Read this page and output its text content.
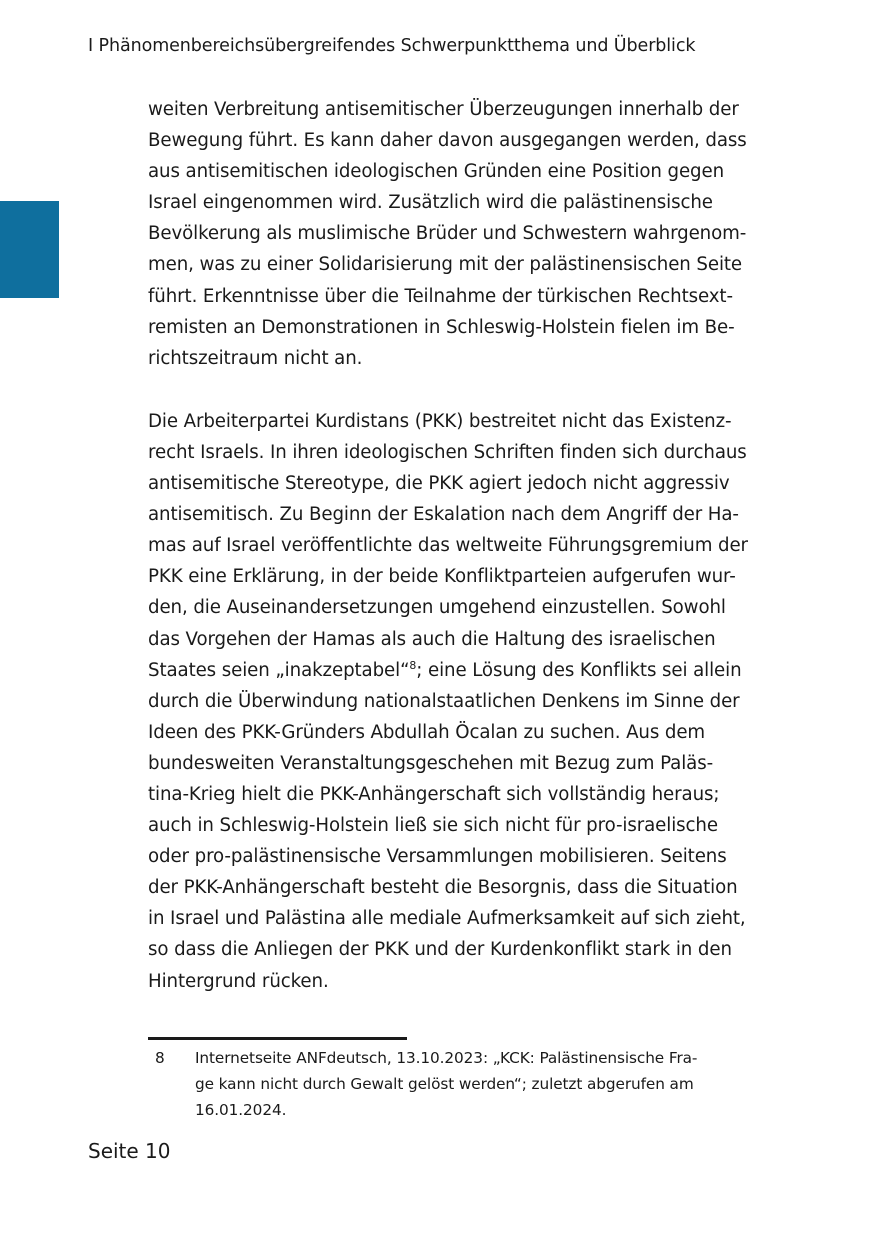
I Phänomenbereichsübergreifendes Schwerpunktthema und Überblick
weiten Verbreitung antisemitischer Überzeugungen innerhalb der
Bewegung führt. Es kann daher davon ausgegangen werden, dass
aus antisemitischen ideologischen Gründen eine Position gegen
Israel eingenommen wird. Zusätzlich wird die palästinensische
Bevölkerung als muslimische Brüder und Schwestern wahrgenom-
men, was zu einer Solidarisierung mit der palästinensischen Seite
führt. Erkenntnisse über die Teilnahme der türkischen Rechtsext-
remisten an Demonstrationen in Schleswig-Holstein fielen im Be-
richtszeitraum nicht an.
Die Arbeiterpartei Kurdistans (PKK) bestreitet nicht das Existenz-
recht Israels. In ihren ideologischen Schriften finden sich durchaus
antisemitische Stereotype, die PKK agiert jedoch nicht aggressiv
antisemitisch. Zu Beginn der Eskalation nach dem Angriff der Ha-
mas auf Israel veröffentlichte das weltweite Führungsgremium der
PKK eine Erklärung, in der beide Konfliktparteien aufgerufen wur-
den, die Auseinandersetzungen umgehend einzustellen. Sowohl
das Vorgehen der Hamas als auch die Haltung des israelischen
Staates seien „inakzeptabel“$^8$; eine Lösung des Konflikts sei allein
durch die Überwindung nationalstaatlichen Denkens im Sinne der
Ideen des PKK-Gründers Abdullah Öcalan zu suchen. Aus dem
bundesweiten Veranstaltungsgeschehen mit Bezug zum Paläs-
tina-Krieg hielt die PKK-Anhängerschaft sich vollständig heraus;
auch in Schleswig-Holstein ließ sie sich nicht für pro-israelische
oder pro-palästinensische Versammlungen mobilisieren. Seitens
der PKK-Anhängerschaft besteht die Besorgnis, dass die Situation
in Israel und Palästina alle mediale Aufmerksamkeit auf sich zieht,
so dass die Anliegen der PKK und der Kurdenkonflikt stark in den
Hintergrund rücken.
8 Internetseite ANFdeutsch, 13.10.2023: „KCK: Palästinensische Fra-
ge kann nicht durch Gewalt gelöst werden“; zuletzt abgerufen am
16.01.2024.
Seite 10
